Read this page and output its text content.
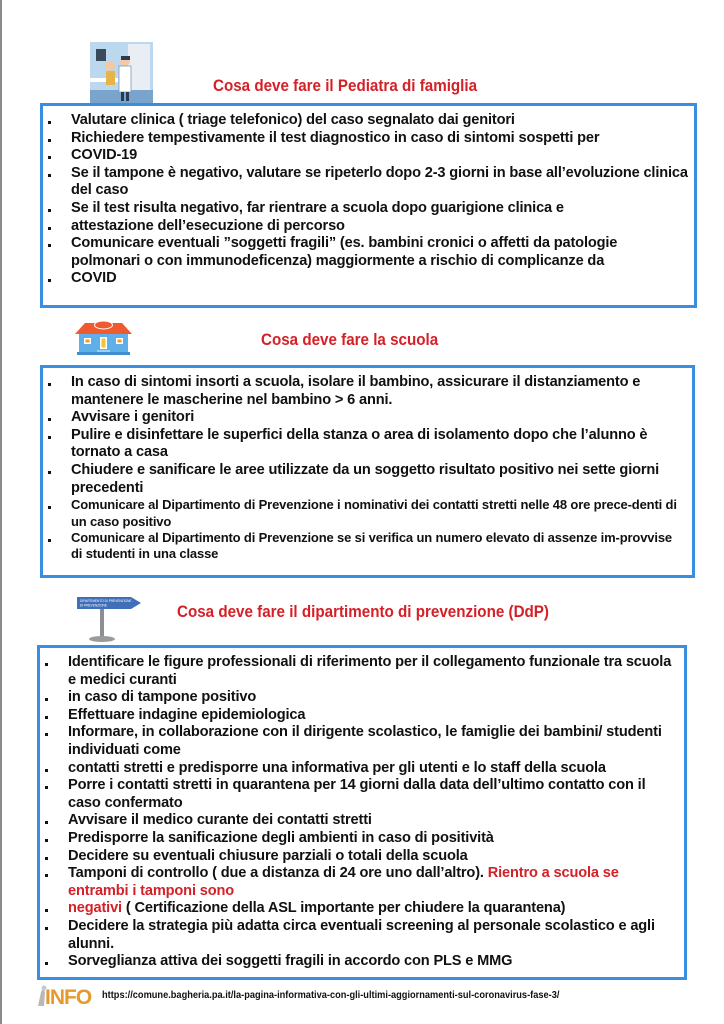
Cosa deve fare il Pediatra di famiglia
Valutare clinica ( triage telefonico) del caso segnalato dai genitori
Richiedere tempestivamente il test diagnostico in caso di sintomi sospetti per
COVID-19
Se il tampone è negativo, valutare se ripeterlo dopo 2-3 giorni in base all’evoluzione clinica del caso
Se il test risulta negativo, far rientrare a scuola dopo guarigione clinica e
attestazione dell’esecuzione di percorso
Comunicare eventuali ”soggetti fragili” (es. bambini cronici o affetti da patologie polmonari o con immunodeficenza) maggiormente a rischio di complicanze da
COVID
Cosa deve fare la scuola
In caso di sintomi insorti a scuola, isolare il bambino, assicurare il distanziamento e mantenere le mascherine nel bambino > 6 anni.
Avvisare i genitori
Pulire e disinfettare le superfici della stanza o area di isolamento dopo che l’alunno è tornato a casa
Chiudere e sanificare le aree utilizzate da un soggetto risultato positivo nei sette giorni precedenti
Comunicare al Dipartimento di Prevenzione i nominativi dei contatti stretti nelle 48 ore prece-denti di un caso positivo
Comunicare al Dipartimento di Prevenzione se si verifica un numero elevato di assenze im-provvise di studenti in una classe
DIPARTIMENTO DI PREVENZIONE
DI PREVENZIONE	Cosa deve fare il dipartimento di prevenzione (DdP)
Identificare le figure professionali di riferimento per il collegamento funzionale tra scuola e medici curanti
in caso di tampone positivo
Effettuare indagine epidemiologica
Informare, in collaborazione con il dirigente scolastico, le famiglie dei bambini/ studenti individuati come
contatti stretti e predisporre una informativa per gli utenti e lo staff della scuola
Porre i contatti stretti in quarantena per 14 giorni dalla data dell’ultimo contatto con il caso confermato
Avvisare il medico curante dei contatti stretti
Predisporre la sanificazione degli ambienti in caso di positività
Decidere su eventuali chiusure parziali o totali della scuola
Tamponi di controllo ( due a distanza di 24 ore uno dall’altro). Rientro a scuola se entrambi i tamponi sono
negativi ( Certificazione della ASL importante per chiudere la quarantena)
Decidere la strategia più adatta circa eventuali screening al personale scolastico e agli alunni.
Sorveglianza attiva dei soggetti fragili in accordo con PLS e MMG
INFO https://comune.bagheria.pa.it/la-pagina-informativa-con-gli-ultimi-aggiornamenti-sul-coronavirus-fase-3/
